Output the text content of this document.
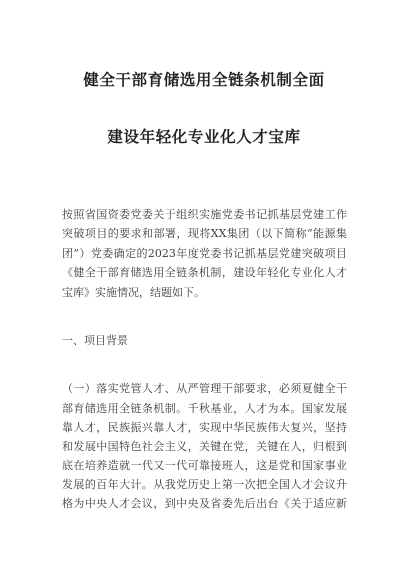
健全干部育储选用全链条机制全面
建设年轻化专业化人才宝库
按照省国资委党委关于组织实施党委书记抓基层党建工作
突破项目的要求和部署，现将XX集团（以下简称“能源集
团”）党委确定的2023年度党委书记抓基层党建突破项目
《健全干部育储选用全链条机制，建设年轻化专业化人才
宝库》实施情况，结题如下。
一、项目背景
（一）落实党管人才、从严管理干部要求，必须夏健全干
部育储选用全链条机制。千秋基业，人才为本。国家发展
靠人才，民族振兴靠人才，实现中华民族伟大复兴，坚持
和发展中国特色社会主义，关键在党，关键在人，归根到
底在培养造就一代又一代可靠接班人，这是党和国家事业
发展的百年大计。从我党历史上第一次把全国人才会议升
格为中央人才会议，到中央及省委先后出台《关于适应新
